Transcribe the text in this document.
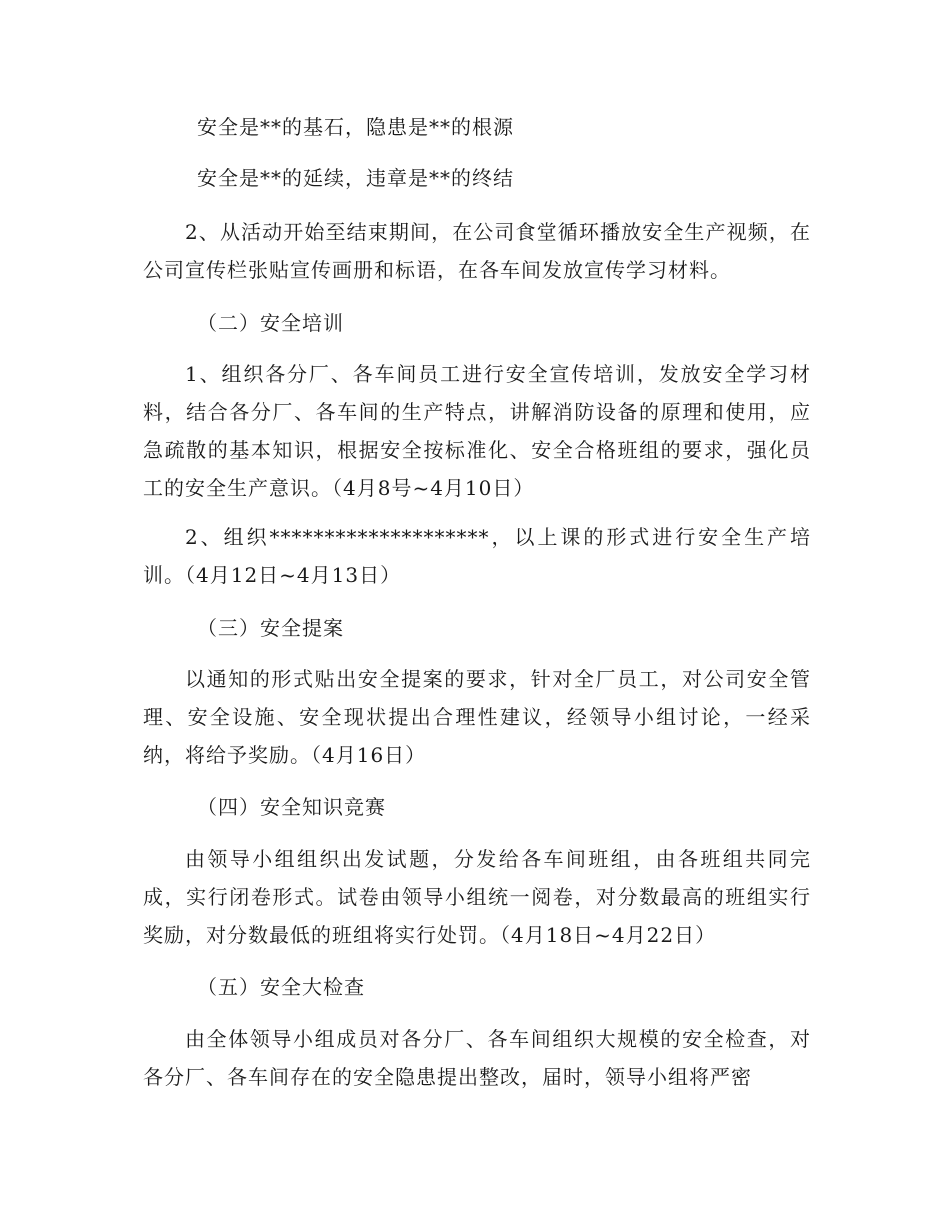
安全是**的基石，隐患是**的根源
安全是**的延续，违章是**的终结

2、从活动开始至结束期间，在公司食堂循环播放安全生产视频，在公司宣传栏张贴宣传画册和标语，在各车间发放宣传学习材料。

（二）安全培训

1、组织各分厂、各车间员工进行安全宣传培训，发放安全学习材料，结合各分厂、各车间的生产特点，讲解消防设备的原理和使用，应急疏散的基本知识，根据安全按标准化、安全合格班组的要求，强化员工的安全生产意识。（4月8号~4月10日）

2、组织********************，以上课的形式进行安全生产培训。（4月12日~4月13日）

（三）安全提案

以通知的形式贴出安全提案的要求，针对全厂员工，对公司安全管理、安全设施、安全现状提出合理性建议，经领导小组讨论，一经采纳，将给予奖励。（4月16日）

（四）安全知识竞赛

由领导小组组织出发试题，分发给各车间班组，由各班组共同完成，实行闭卷形式。试卷由领导小组统一阅卷，对分数最高的班组实行奖励，对分数最低的班组将实行处罚。（4月18日~4月22日）

（五）安全大检查

由全体领导小组成员对各分厂、各车间组织大规模的安全检查，对各分厂、各车间存在的安全隐患提出整改，届时，领导小组将严密
